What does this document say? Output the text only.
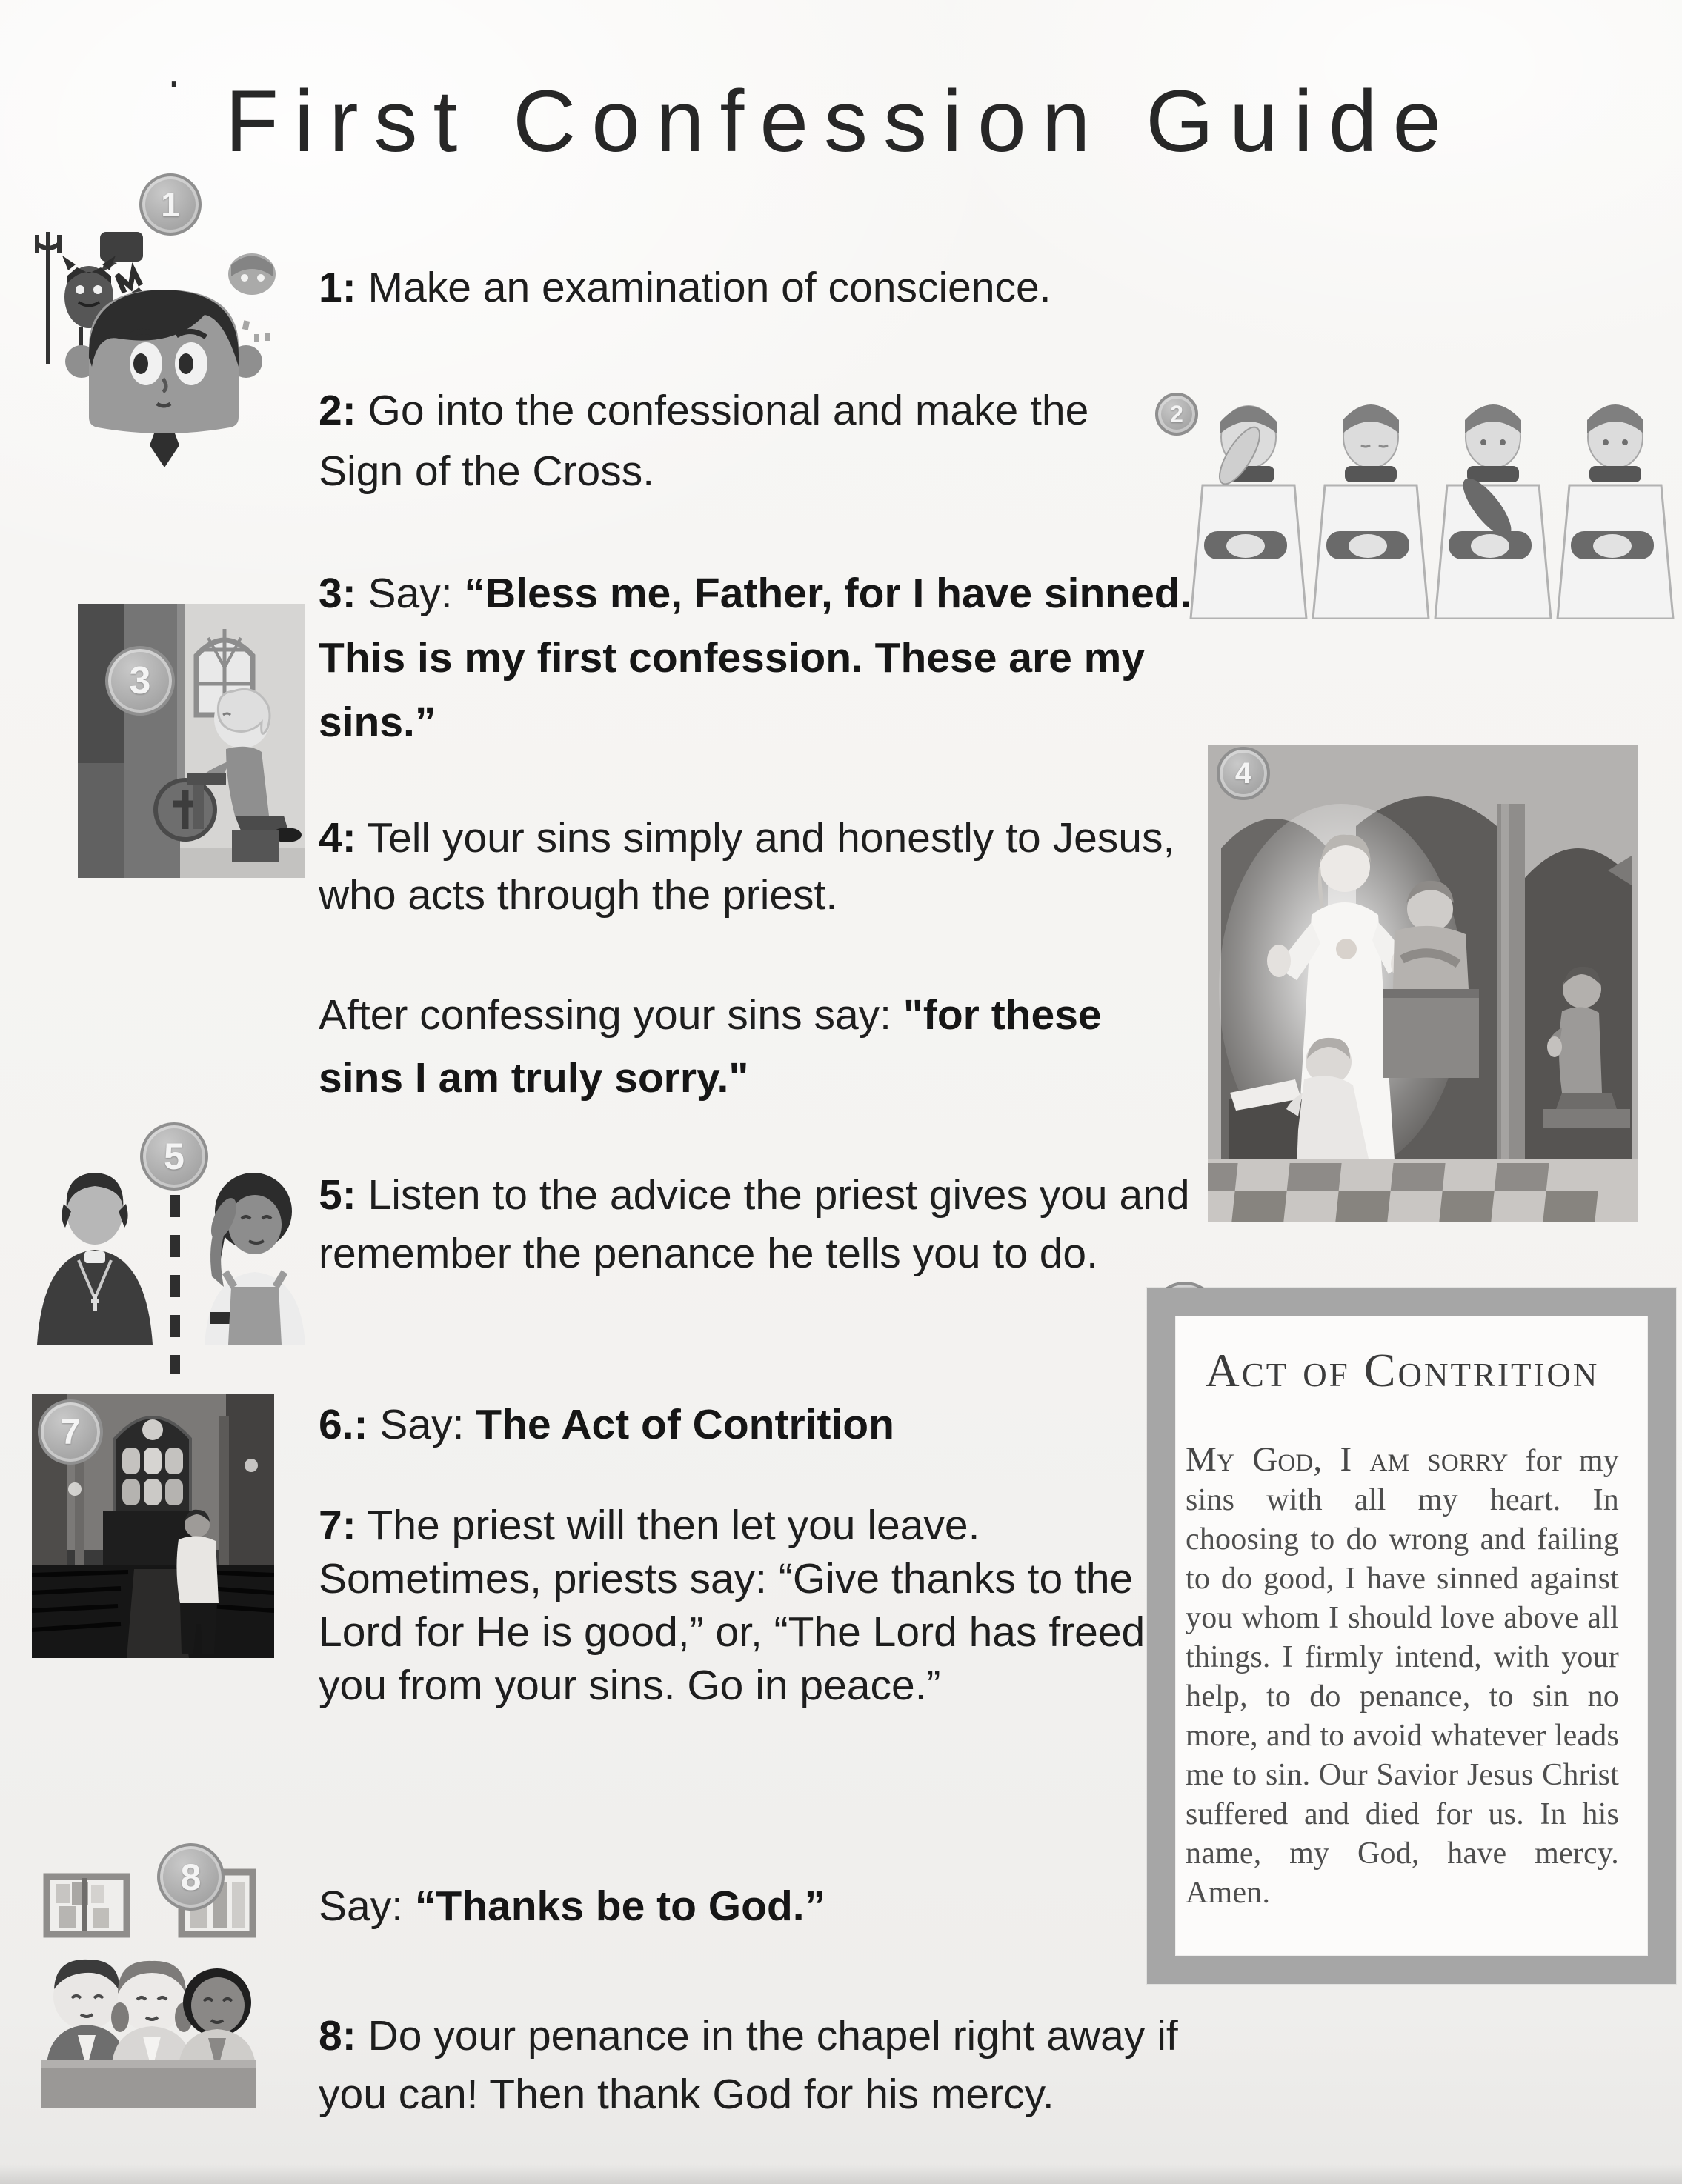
.
First Confession Guide
1
2
3
4
5
7
8
1: Make an examination of conscience.
2: Go into the confessional and make the Sign of the Cross.
3: Say: “Bless me, Father, for I have sinned. This is my first confession. These are my sins.”
4: Tell your sins simply and honestly to Jesus, who acts through the priest.
After confessing your sins say: "for these sins I am truly sorry."
5: Listen to the advice the priest gives you and remember the penance he tells you to do.
6.: Say: The Act of Contrition
7: The priest will then let you leave. Sometimes, priests say: “Give thanks to the Lord for He is good,” or, “The Lord has freed you from your sins. Go in peace.”
Say: “Thanks be to God.”
8: Do your penance in the chapel right away if you can! Then thank God for his mercy.
Act of Contrition

My God, I am sorry for my sins with all my heart. In choosing to do wrong and failing to do good, I have sinned against you whom I should love above all things. I firmly intend, with your help, to do penance, to sin no more, and to avoid whatever leads me to sin. Our Savior Jesus Christ suffered and died for us. In his name, my God, have mercy. Amen.
